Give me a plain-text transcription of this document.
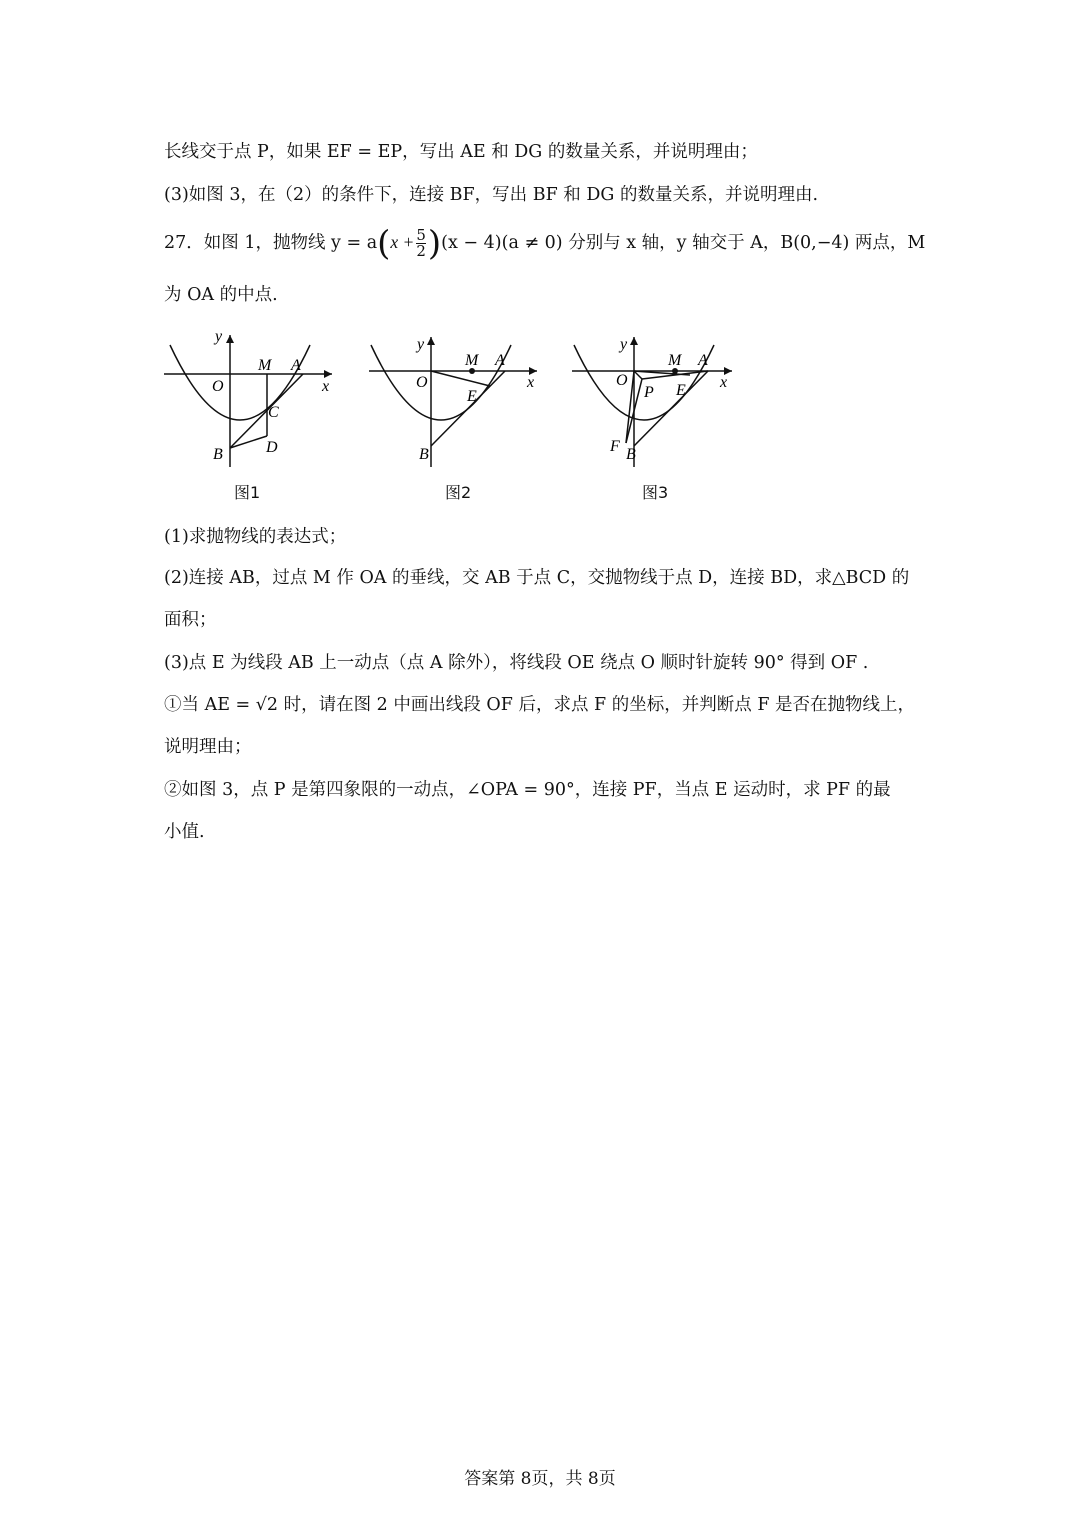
长线交于点 P，如果 EF = EP，写出 AE 和 DG 的数量关系，并说明理由；
(3)如图 3，在（2）的条件下，连接 BF，写出 BF 和 DG 的数量关系，并说明理由.
27．如图 1，抛物线 $y = a(x + \frac{5}{2} )(x - 4)(a \ne 0)$ 分别与 x 轴，y 轴交于 A，B(0,−4) 两点，M
为 OA 的中点.
y
x
O
M A
C
B	D
图1
y
x
O
M A
E
B
图2
y
x
O
M A
P E
F B
图3
(1)求抛物线的表达式；
(2)连接 AB，过点 M 作 OA 的垂线，交 AB 于点 C，交抛物线于点 D，连接 BD，求△BCD 的
面积；
(3)点 E 为线段 AB 上一动点（点 A 除外），将线段 OE 绕点 O 顺时针旋转 90° 得到 OF .
①当 AE = √2 时，请在图 2 中画出线段 OF 后，求点 F 的坐标，并判断点 F 是否在抛物线上，
说明理由；
②如图 3，点 P 是第四象限的一动点，∠OPA = 90°，连接 PF，当点 E 运动时，求 PF 的最
小值.
答案第 8页，共 8页
